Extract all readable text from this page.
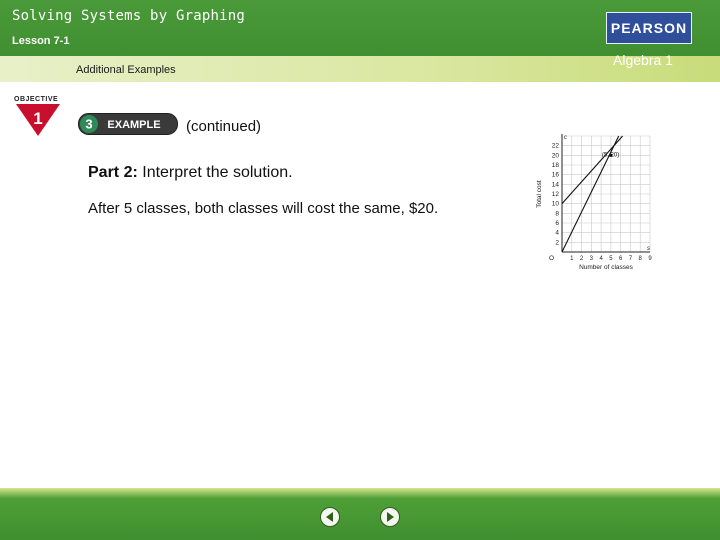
Solving Systems by Graphing
Lesson 7-1
Additional Examples
PEARSON
Algebra 1
OBJECTIVE
1	3 EXAMPLE (continued)
Part 2: Interpret the solution.
After 5 classes, both classes will cost the same, $20.
(5, 20)
2
4
6
8
10
12
14
16
18
20
22
1 2 3 4 5 6 7 8 9
O
c
s
Number of classes
Total cost
